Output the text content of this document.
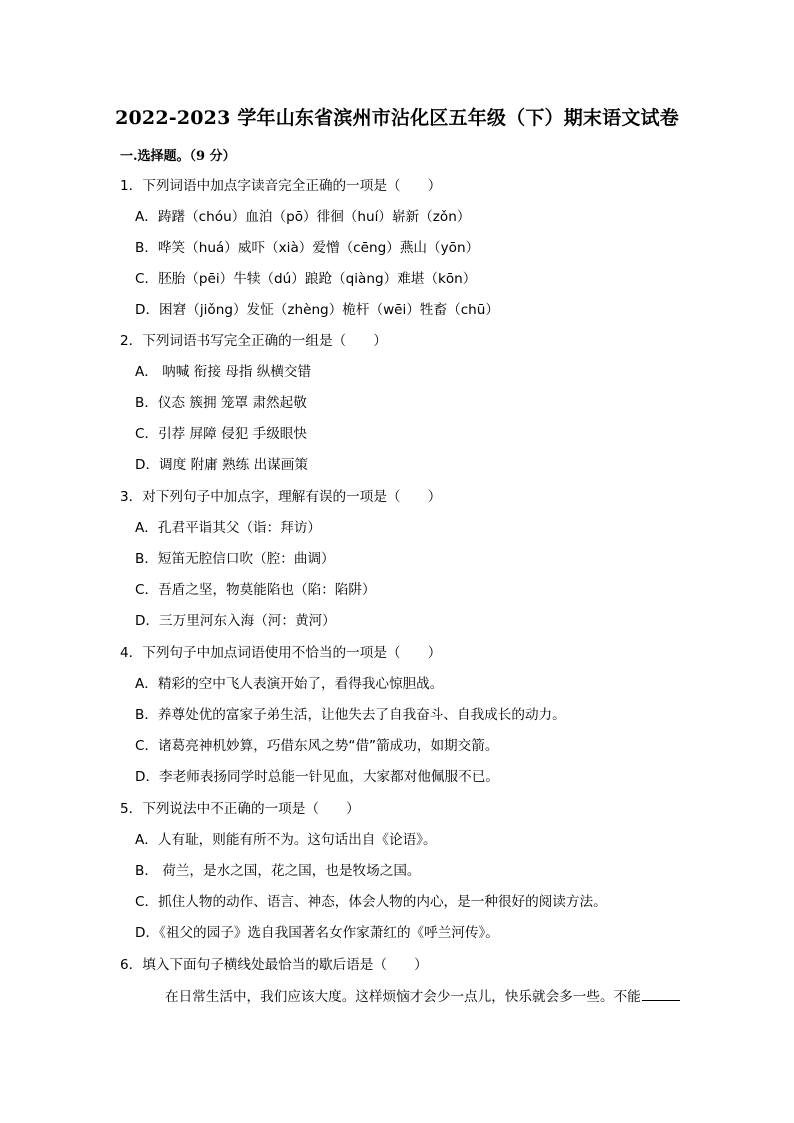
2022-2023 学年山东省滨州市沾化区五年级（下）期末语文试卷
一.选择题。（9 分）
1．下列词语中加点字读音完全正确的一项是（　　）
A．踌躇（chóu）血泊（pō）徘徊（huí）崭新（zǒn）
B．哗笑（huá）威吓（xià）爱憎（cēng）燕山（yōn）
C．胚胎（pēi）牛犊（dú）踉跄（qiàng）难堪（kōn）
D．困窘（jiǒng）发怔（zhèng）桅杆（wēi）牲畜（chū）
2．下列词语书写完全正确的一组是（　　）
A． 呐喊 衔接 母指 纵横交错
B．仪态 簇拥 笼罩 肃然起敬
C．引荐 屏障 侵犯 手级眼快
D．调度 附庸 熟练 出谋画策
3．对下列句子中加点字，理解有误的一项是（　　）
A．孔君平诣其父（诣：拜访）
B．短笛无腔信口吹（腔：曲调）
C．吾盾之坚，物莫能陷也（陷：陷阱）
D．三万里河东入海（河：黄河）
4．下列句子中加点词语使用不恰当的一项是（　　）
A．精彩的空中飞人表演开始了，看得我心惊胆战。
B．养尊处优的富家子弟生活，让他失去了自我奋斗、自我成长的动力。
C．诸葛亮神机妙算，巧借东风之势“借”箭成功，如期交箭。
D．李老师表扬同学时总能一针见血，大家都对他佩服不已。
5．下列说法中不正确的一项是（　　）
A．人有耻，则能有所不为。这句话出自《论语》。
B． 荷兰，是水之国，花之国，也是牧场之国。
C．抓住人物的动作、语言、神态，体会人物的内心，是一种很好的阅读方法。
D．《祖父的园子》选自我国著名女作家萧红的《呼兰河传》。
6．填入下面句子横线处最恰当的歇后语是（　　）
在日常生活中，我们应该大度。这样烦恼才会少一点儿，快乐就会多一些。不能
